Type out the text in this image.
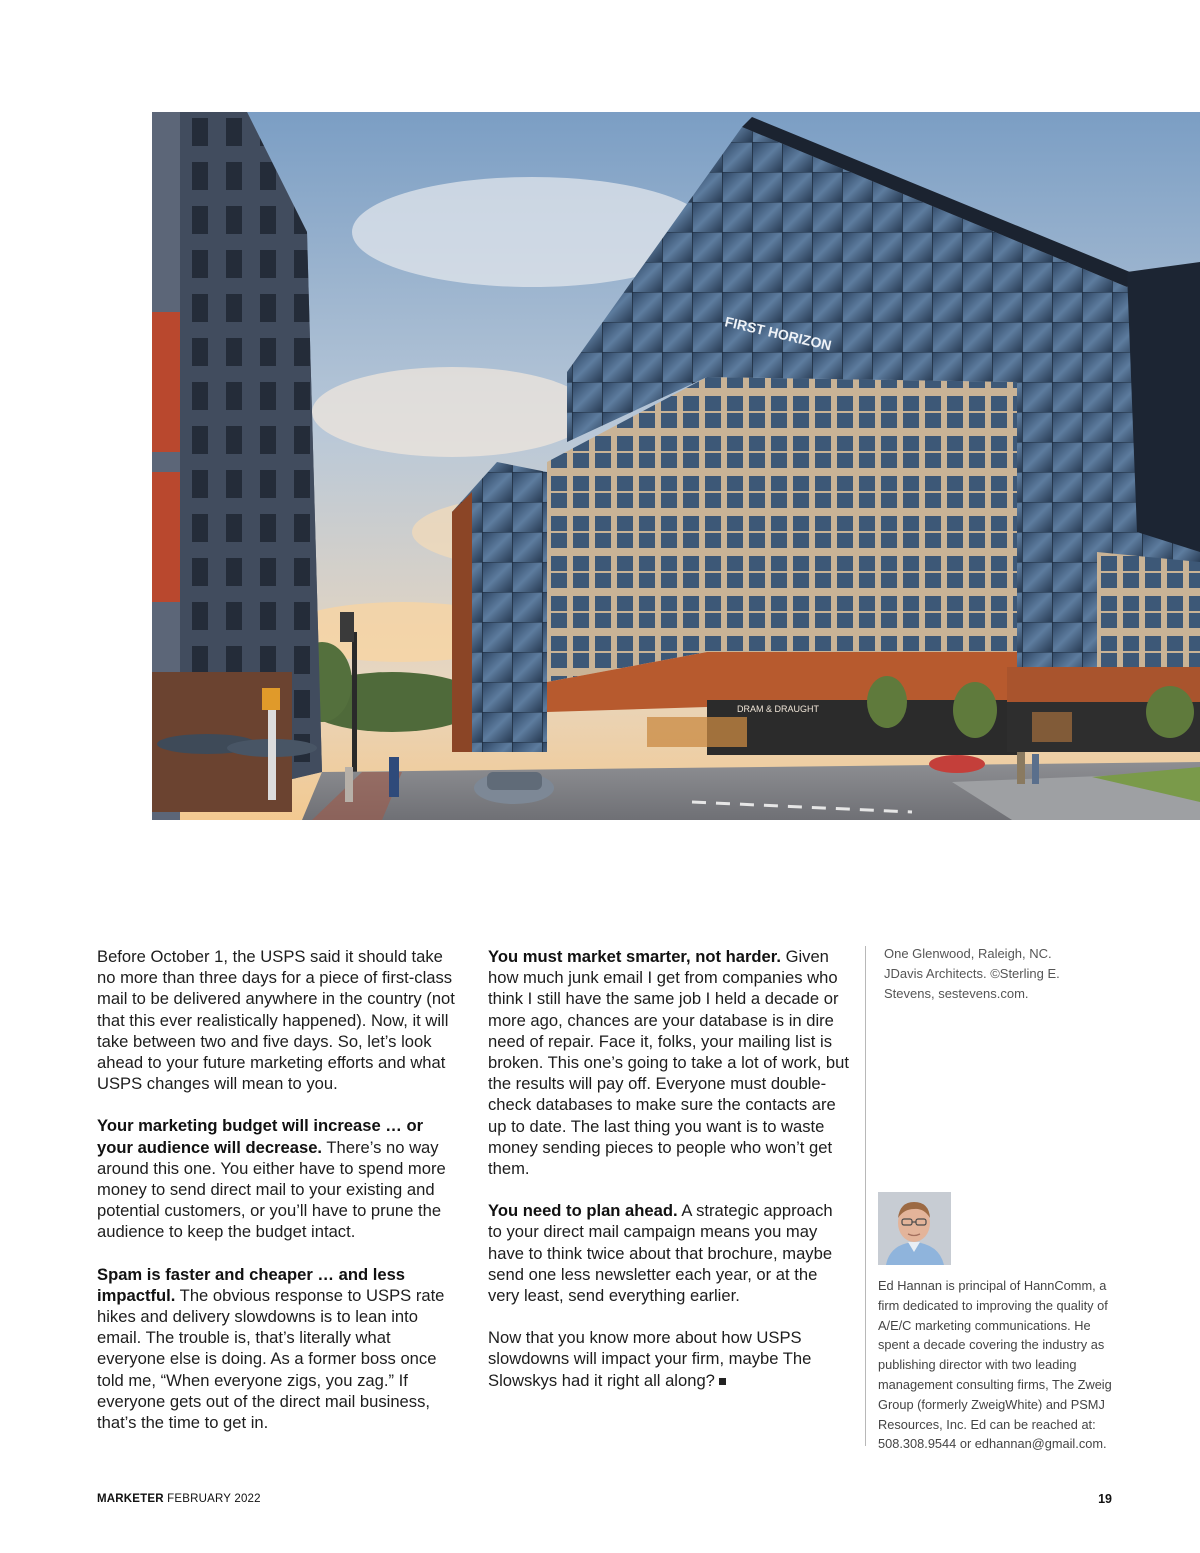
FIRST HORIZON
DRAM & DRAUGHT

Before October 1, the USPS said it should take no more than three days for a piece of first-class mail to be delivered anywhere in the country (not that this ever realistically happened). Now, it will take between two and five days. So, let’s look ahead to your future marketing efforts and what USPS changes will mean to you.

Your marketing budget will increase … or your audience will decrease. There’s no way around this one. You either have to spend more money to send direct mail to your existing and potential customers, or you’ll have to prune the audience to keep the budget intact.

Spam is faster and cheaper … and less impactful. The obvious response to USPS rate hikes and delivery slowdowns is to lean into email. The trouble is, that’s literally what everyone else is doing. As a former boss once told me, “When everyone zigs, you zag.” If everyone gets out of the direct mail business, that’s the time to get in.

You must market smarter, not harder. Given how much junk email I get from companies who think I still have the same job I held a decade or more ago, chances are your database is in dire need of repair. Face it, folks, your mailing list is broken. This one’s going to take a lot of work, but the results will pay off. Everyone must double-check databases to make sure the contacts are up to date. The last thing you want is to waste money sending pieces to people who won’t get them.

You need to plan ahead. A strategic approach to your direct mail campaign means you may have to think twice about that brochure, maybe send one less newsletter each year, or at the very least, send everything earlier.

Now that you know more about how USPS slowdowns will impact your firm, maybe The Slowskys had it right all along?

One Glenwood, Raleigh, NC. JDavis Architects. ©Sterling E. Stevens, sestevens.com.
Ed Hannan is principal of HannComm, a firm dedicated to improving the quality of A/E/C marketing communications. He spent a decade covering the industry as publishing director with two leading management consulting firms, The Zweig Group (formerly ZweigWhite) and PSMJ Resources, Inc. Ed can be reached at: 508.308.9544 or edhannan@gmail.com.
MARKETER FEBRUARY 2022	19
